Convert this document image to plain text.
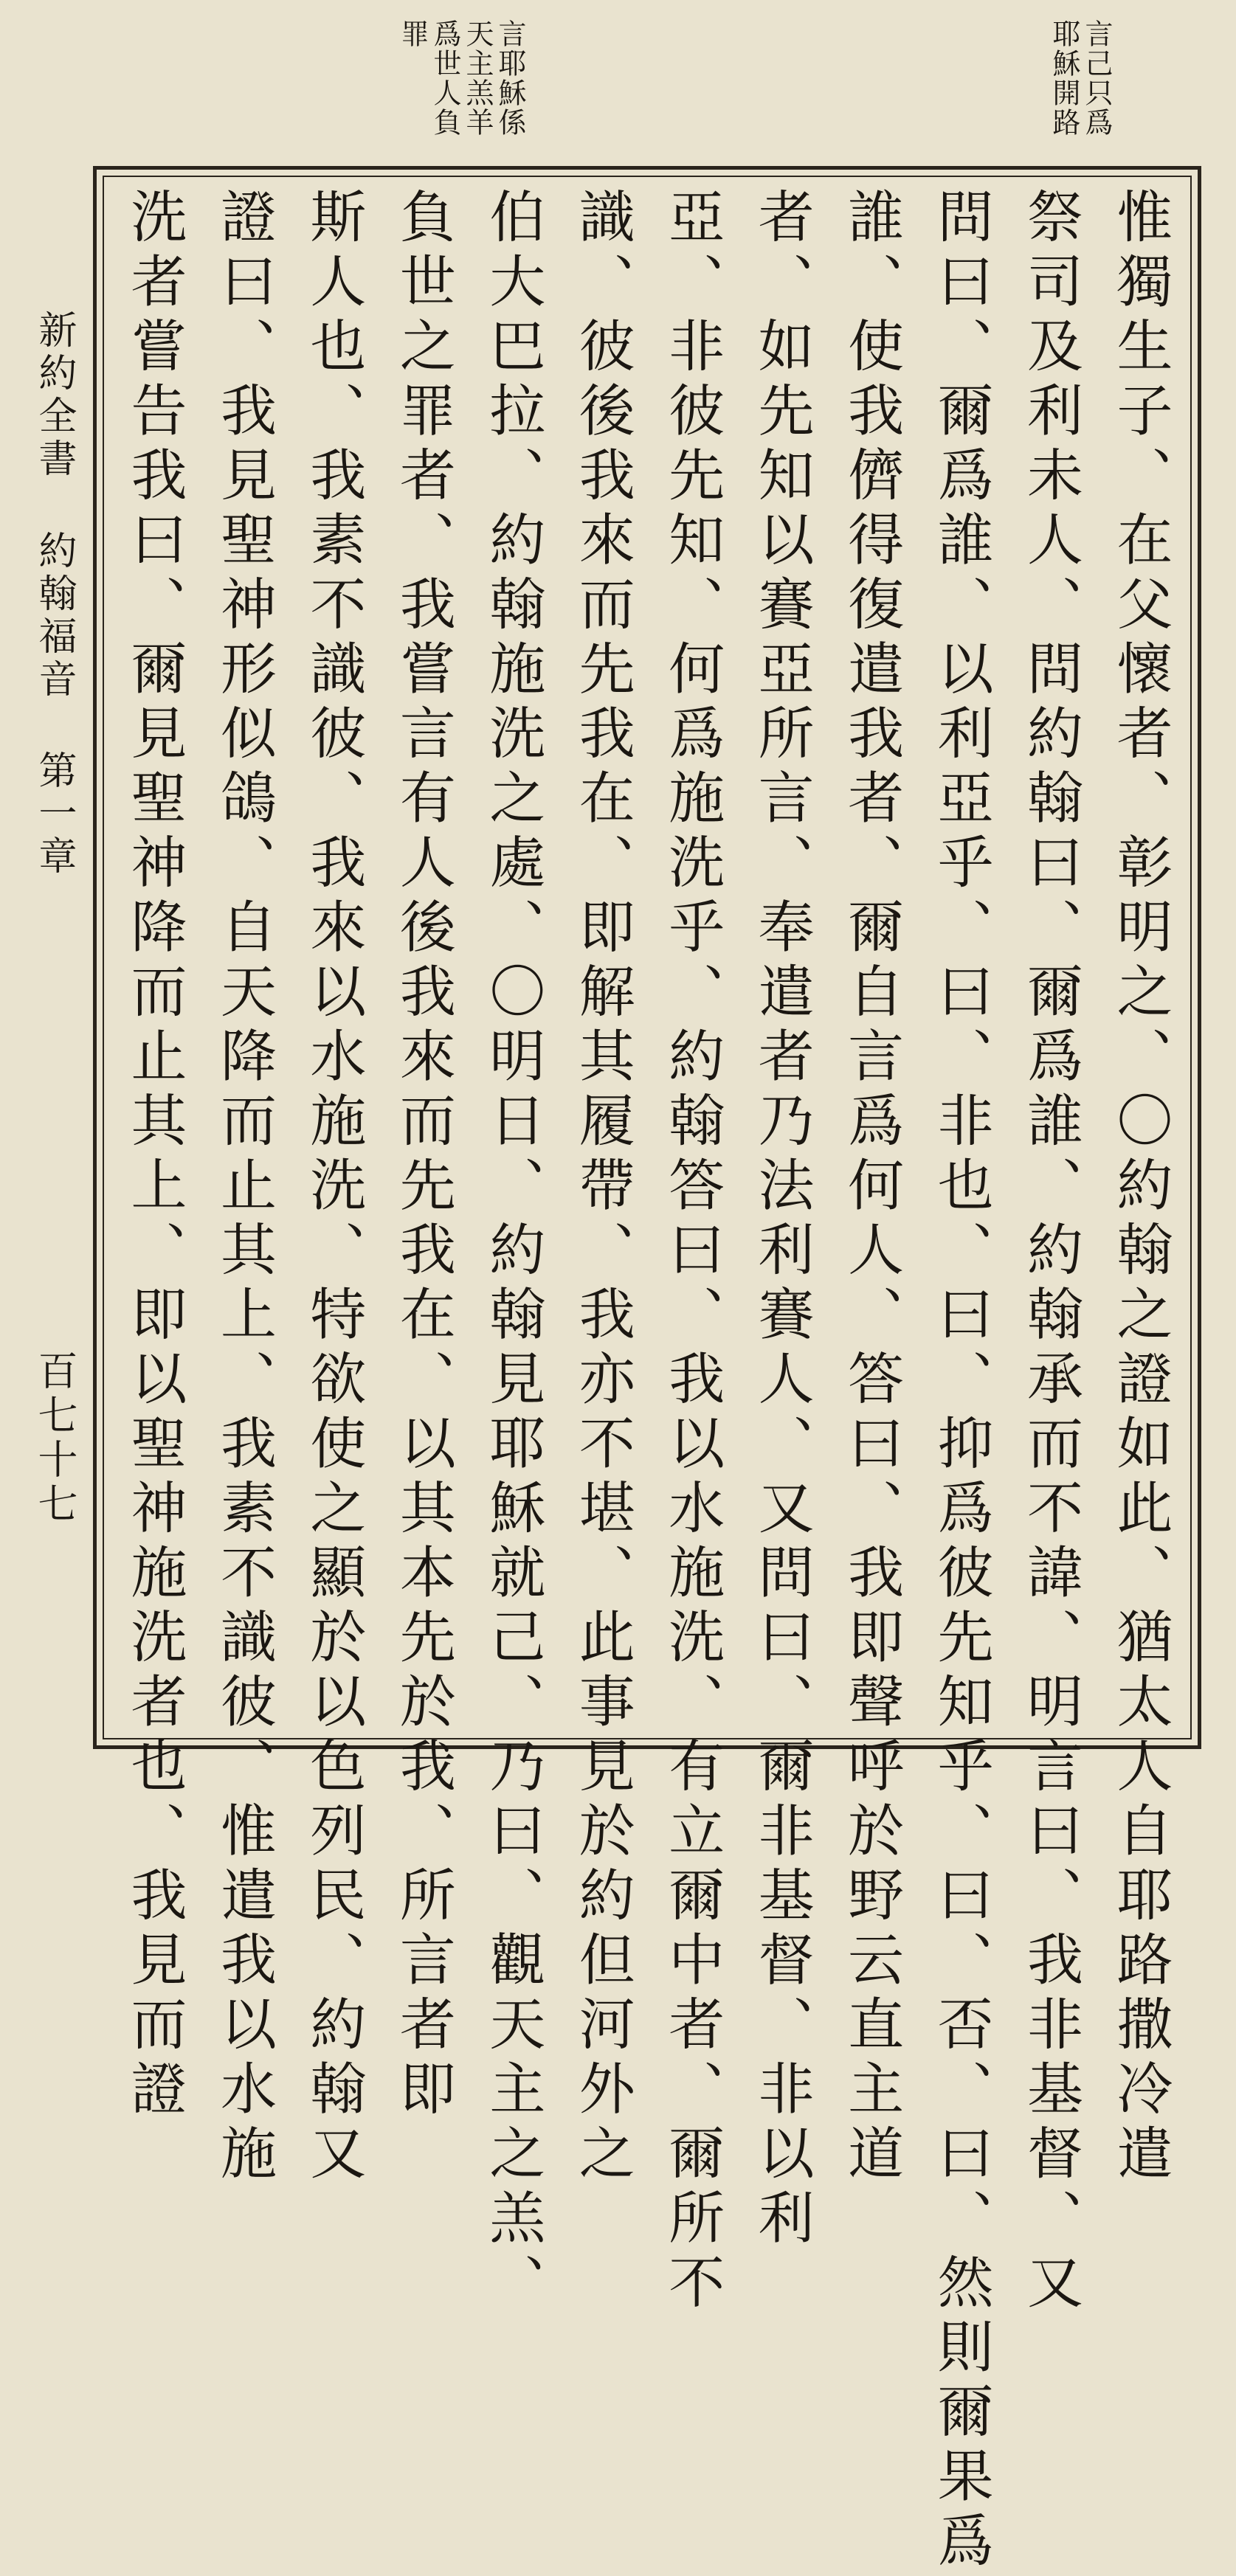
言己只爲
耶穌開路
言耶穌係
天主羔羊
爲世人負
罪
惟獨生子、在父懷者、彰明之、〇約翰之證如此、猶太人自耶路撒冷遣
祭司及利未人、問約翰曰、爾爲誰、約翰承而不諱、明言曰、我非基督、又
問曰、爾爲誰、以利亞乎、曰、非也、曰、抑爲彼先知乎、曰、否、曰、然則爾果爲
誰、使我儕得復遣我者、爾自言爲何人、答曰、我即聲呼於野云直主道
者、如先知以賽亞所言、奉遣者乃法利賽人、又問曰、爾非基督、非以利
亞、非彼先知、何爲施洗乎、約翰答曰、我以水施洗、有立爾中者、爾所不
識、彼後我來而先我在、即解其履帶、我亦不堪、此事見於約但河外之
伯大巴拉、約翰施洗之處、〇明日、約翰見耶穌就己、乃曰、觀天主之羔、
負世之罪者、我嘗言有人後我來而先我在、以其本先於我、所言者即
斯人也、我素不識彼、我來以水施洗、特欲使之顯於以色列民、約翰又
證曰、我見聖神形似鴿、自天降而止其上、我素不識彼、惟遣我以水施
洗者嘗告我曰、爾見聖神降而止其上、即以聖神施洗者也、我見而證
新約全書 約翰福音 第一章
百七十七
